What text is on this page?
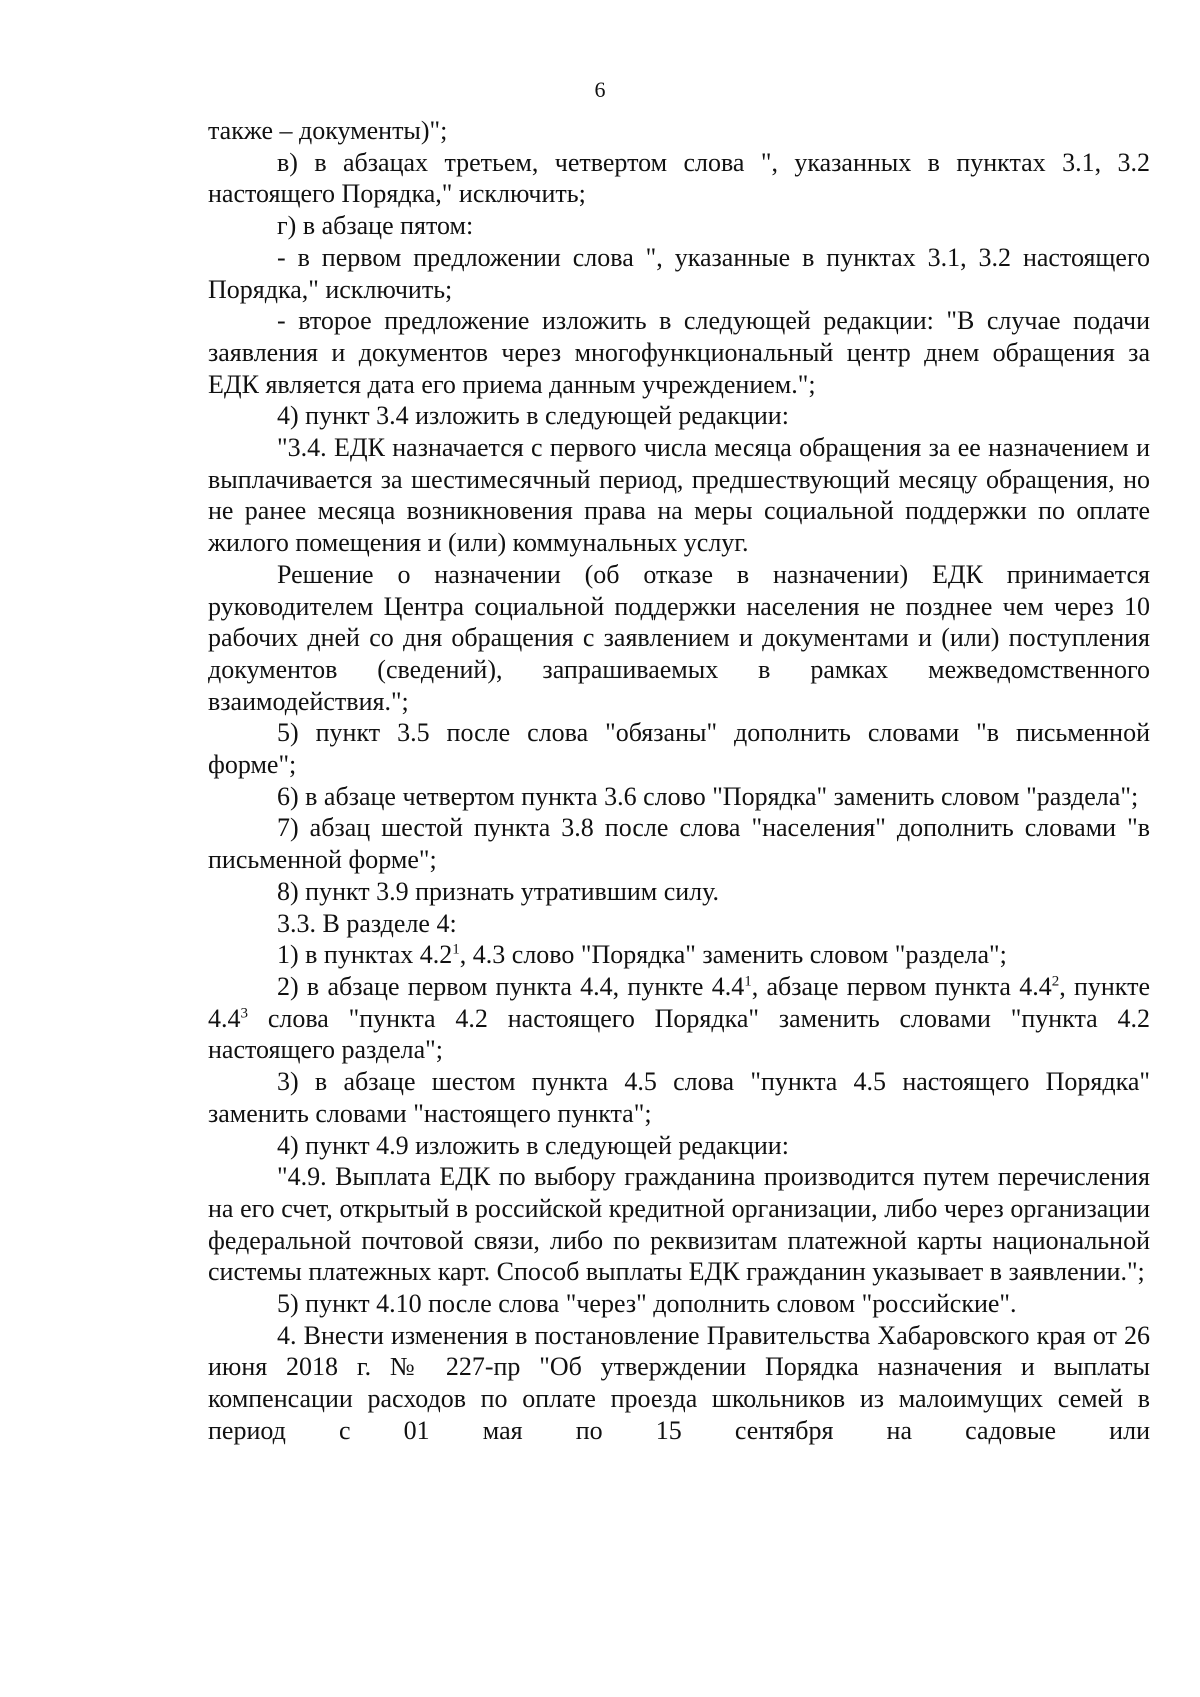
6

также – документы)";

в) в абзацах третьем, четвертом слова ", указанных в пунктах 3.1, 3.2 настоящего Порядка," исключить;

г) в абзаце пятом:

- в первом предложении слова ", указанные в пунктах 3.1, 3.2 настоящего Порядка," исключить;

- второе предложение изложить в следующей редакции: "В случае подачи заявления и документов через многофункциональный центр днем обращения за ЕДК является дата его приема данным учреждением.";

4) пункт 3.4 изложить в следующей редакции:

"3.4. ЕДК назначается с первого числа месяца обращения за ее назначением и выплачивается за шестимесячный период, предшествующий месяцу обращения, но не ранее месяца возникновения права на меры социальной поддержки по оплате жилого помещения и (или) коммунальных услуг.

Решение о назначении (об отказе в назначении) ЕДК принимается руководителем Центра социальной поддержки населения не позднее чем через 10 рабочих дней со дня обращения с заявлением и документами и (или) поступления документов (сведений), запрашиваемых в рамках межведомственного взаимодействия.";

5) пункт 3.5 после слова "обязаны" дополнить словами "в письменной форме";

6) в абзаце четвертом пункта 3.6 слово "Порядка" заменить словом "раздела";

7) абзац шестой пункта 3.8 после слова "населения" дополнить словами "в письменной форме";

8) пункт 3.9 признать утратившим силу.

3.3. В разделе 4:

1) в пунктах $4.2^1$, 4.3 слово "Порядка" заменить словом "раздела";

2) в абзаце первом пункта 4.4, пункте $4.4^1$, абзаце первом пункта $4.4^2$, пункте $4.4^3$ слова "пункта 4.2 настоящего Порядка" заменить словами "пункта 4.2 настоящего раздела";

3) в абзаце шестом пункта 4.5 слова "пункта 4.5 настоящего Порядка" заменить словами "настоящего пункта";

4) пункт 4.9 изложить в следующей редакции:

"4.9. Выплата ЕДК по выбору гражданина производится путем перечисления на его счет, открытый в российской кредитной организации, либо через организации федеральной почтовой связи, либо по реквизитам платежной карты национальной системы платежных карт. Способ выплаты ЕДК гражданин указывает в заявлении.";

5) пункт 4.10 после слова "через" дополнить словом "российские".

4. Внести изменения в постановление Правительства Хабаровского края от 26 июня 2018 г. № 227-пр "Об утверждении Порядка назначения и выплаты компенсации расходов по оплате проезда школьников из малоимущих семей в период с 01 мая по 15 сентября на садовые или
